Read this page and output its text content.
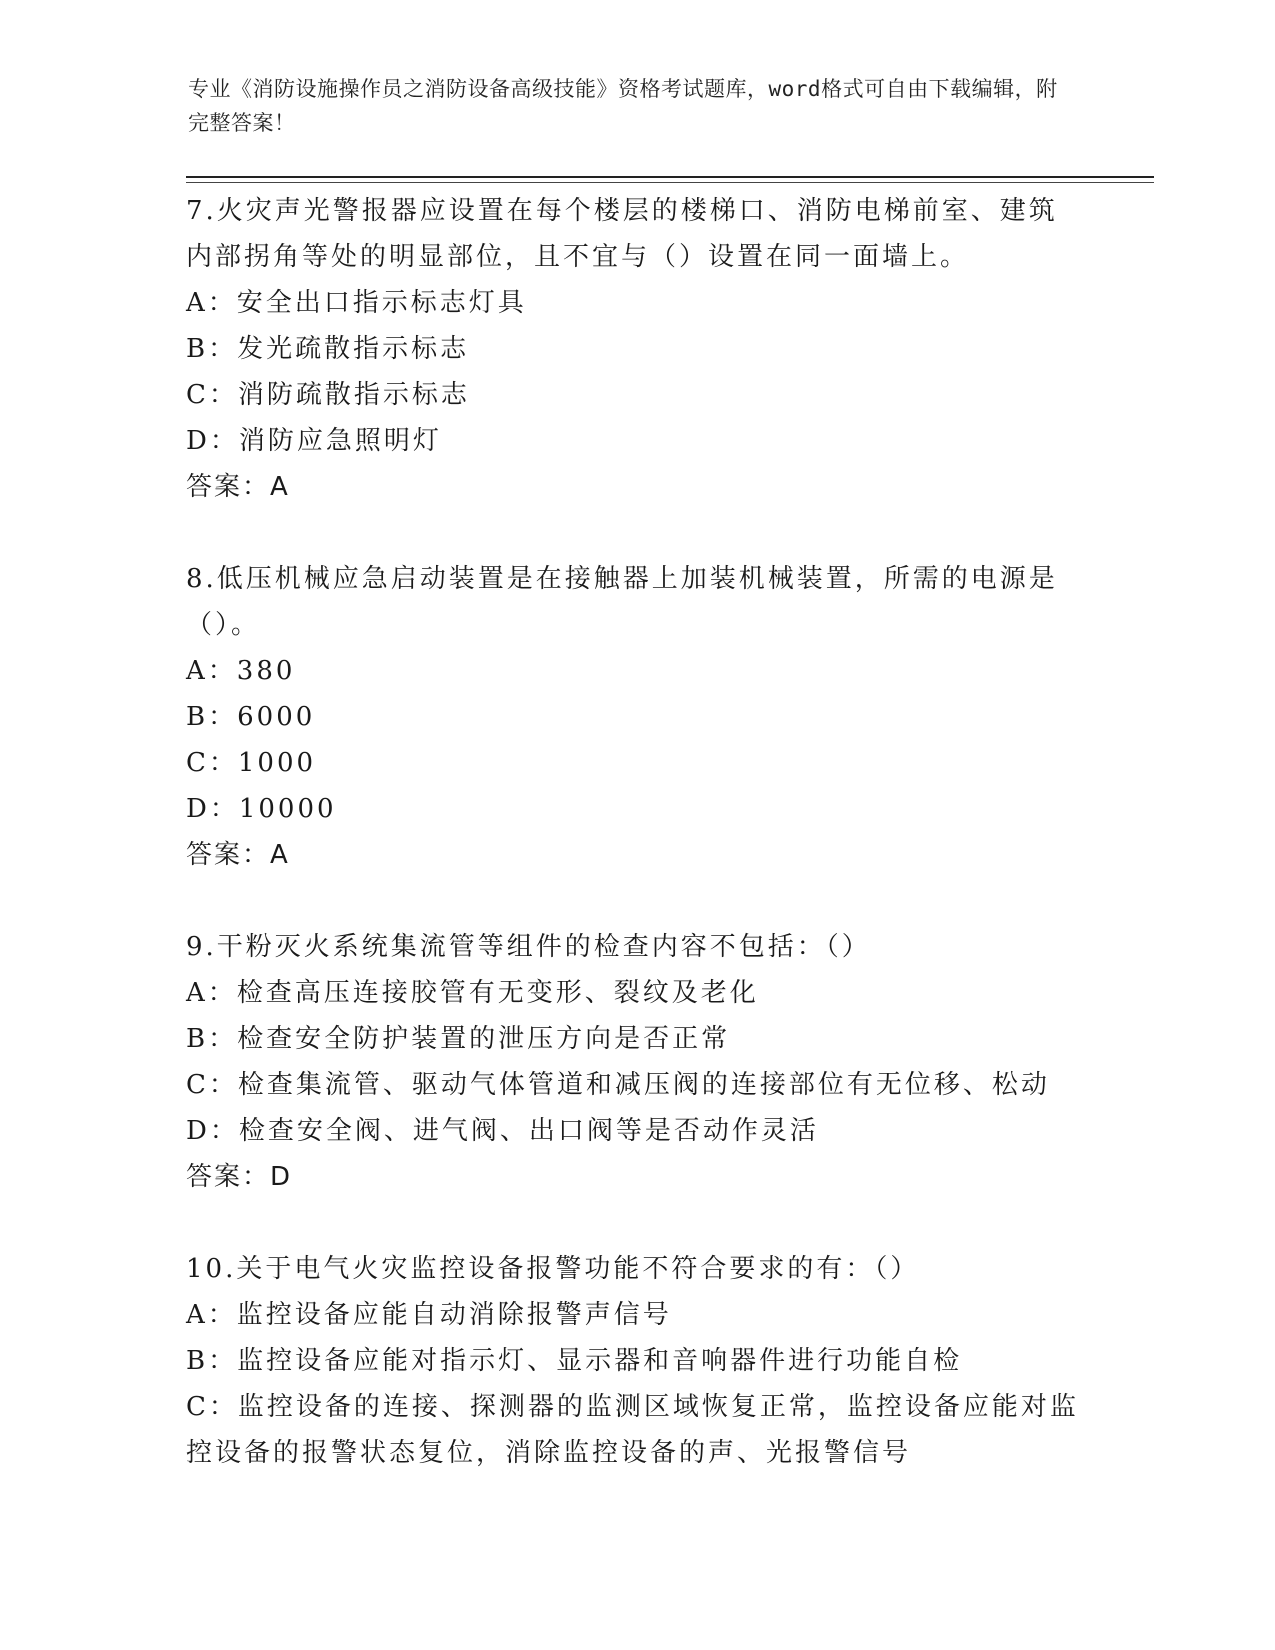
专业《消防设施操作员之消防设备高级技能》资格考试题库，word格式可自由下载编辑，附完整答案！

7.火灾声光警报器应设置在每个楼层的楼梯口、消防电梯前室、建筑内部拐角等处的明显部位，且不宜与（）设置在同一面墙上。

A：安全出口指示标志灯具

B：发光疏散指示标志

C：消防疏散指示标志

D：消防应急照明灯

答案：A

8.低压机械应急启动装置是在接触器上加装机械装置，所需的电源是（）。

A：380

B：6000

C：1000

D：10000

答案：A

9.干粉灭火系统集流管等组件的检查内容不包括：（）

A：检查高压连接胶管有无变形、裂纹及老化

B：检查安全防护装置的泄压方向是否正常

C：检查集流管、驱动气体管道和减压阀的连接部位有无位移、松动

D：检查安全阀、进气阀、出口阀等是否动作灵活

答案：D

10.关于电气火灾监控设备报警功能不符合要求的有：（）

A：监控设备应能自动消除报警声信号

B：监控设备应能对指示灯、显示器和音响器件进行功能自检

C：监控设备的连接、探测器的监测区域恢复正常，监控设备应能对监控设备的报警状态复位，消除监控设备的声、光报警信号
